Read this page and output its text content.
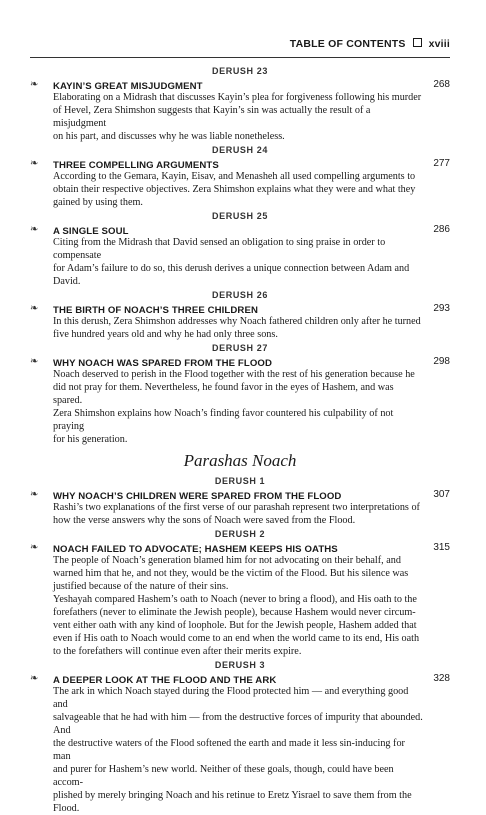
TABLE OF CONTENTS xviii
DERUSH 23
❧ KAYIN’S GREAT MISJUDGMENT	268
Elaborating on a Midrash that discusses Kayin’s plea for forgiveness following his murder
of Hevel, Zera Shimshon suggests that Kayin’s sin was actually the result of a misjudgment
on his part, and discusses why he was liable nonetheless.
DERUSH 24
❧ THREE COMPELLING ARGUMENTS	277
According to the Gemara, Kayin, Eisav, and Menasheh all used compelling arguments to
obtain their respective objectives. Zera Shimshon explains what they were and what they
gained by using them.
DERUSH 25
❧ A SINGLE SOUL	286
Citing from the Midrash that David sensed an obligation to sing praise in order to compensate
for Adam’s failure to do so, this derush derives a unique connection between Adam and David.
DERUSH 26
❧ THE BIRTH OF NOACH’S THREE CHILDREN	293
In this derush, Zera Shimshon addresses why Noach fathered children only after he turned
five hundred years old and why he had only three sons.
DERUSH 27
❧ WHY NOACH WAS SPARED FROM THE FLOOD	298
Noach deserved to perish in the Flood together with the rest of his generation because he
did not pray for them. Nevertheless, he found favor in the eyes of Hashem, and was spared.
Zera Shimshon explains how Noach’s finding favor countered his culpability of not praying
for his generation.
Parashas Noach
DERUSH 1
❧ WHY NOACH’S CHILDREN WERE SPARED FROM THE FLOOD	307
Rashi’s two explanations of the first verse of our parashah represent two interpretations of
how the verse answers why the sons of Noach were saved from the Flood.
DERUSH 2
❧ NOACH FAILED TO ADVOCATE; HASHEM KEEPS HIS OATHS	315
The people of Noach’s generation blamed him for not advocating on their behalf, and
warned him that he, and not they, would be the victim of the Flood. But his silence was
justified because of the nature of their sins.
Yeshayah compared Hashem’s oath to Noach (never to bring a flood), and His oath to the
forefathers (never to eliminate the Jewish people), because Hashem would never circum-
vent either oath with any kind of loophole. But for the Jewish people, Hashem added that
even if His oath to Noach would come to an end when the world came to its end, His oath
to the forefathers will continue even after their merits expire.
DERUSH 3
❧ A DEEPER LOOK AT THE FLOOD AND THE ARK	328
The ark in which Noach stayed during the Flood protected him — and everything good and
salvageable that he had with him — from the destructive forces of impurity that abounded. And
the destructive waters of the Flood softened the earth and made it less sin-inducing for man
and purer for Hashem’s new world. Neither of these goals, though, could have been accom-
plished by merely bringing Noach and his retinue to Eretz Yisrael to save them from the Flood.
